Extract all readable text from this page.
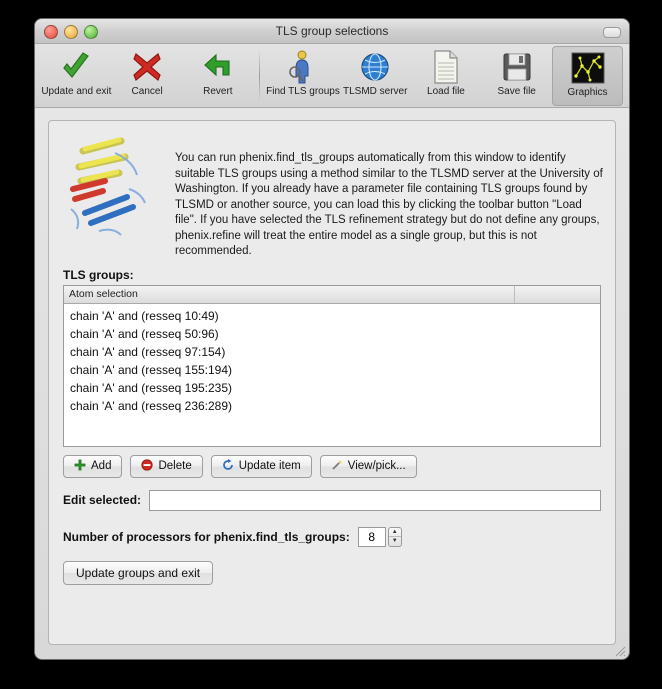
TLS group selections
Update and exit Cancel	Revert	Find TLS groups TLSMD server Load file	Save file	Graphics
You can run phenix.find_tls_groups automatically from this window to identify suitable TLS groups using a method similar to the TLSMD server at the University of Washington. If you already have a parameter file containing TLS groups found by TLSMD or another source, you can load this by clicking the toolbar button "Load file". If you have selected the TLS refinement strategy but do not define any groups, phenix.refine will treat the entire model as a single group, but this is not recommended.
TLS groups:
Atom selection
chain 'A' and (resseq 10:49)
chain 'A' and (resseq 50:96)
chain 'A' and (resseq 97:154)
chain 'A' and (resseq 155:194)
chain 'A' and (resseq 195:235)
chain 'A' and (resseq 236:289)
Add	Delete	Update item	View/pick...
Edit selected:
Number of processors for phenix.find_tls_groups:
8	▲
▼
Update groups and exit
